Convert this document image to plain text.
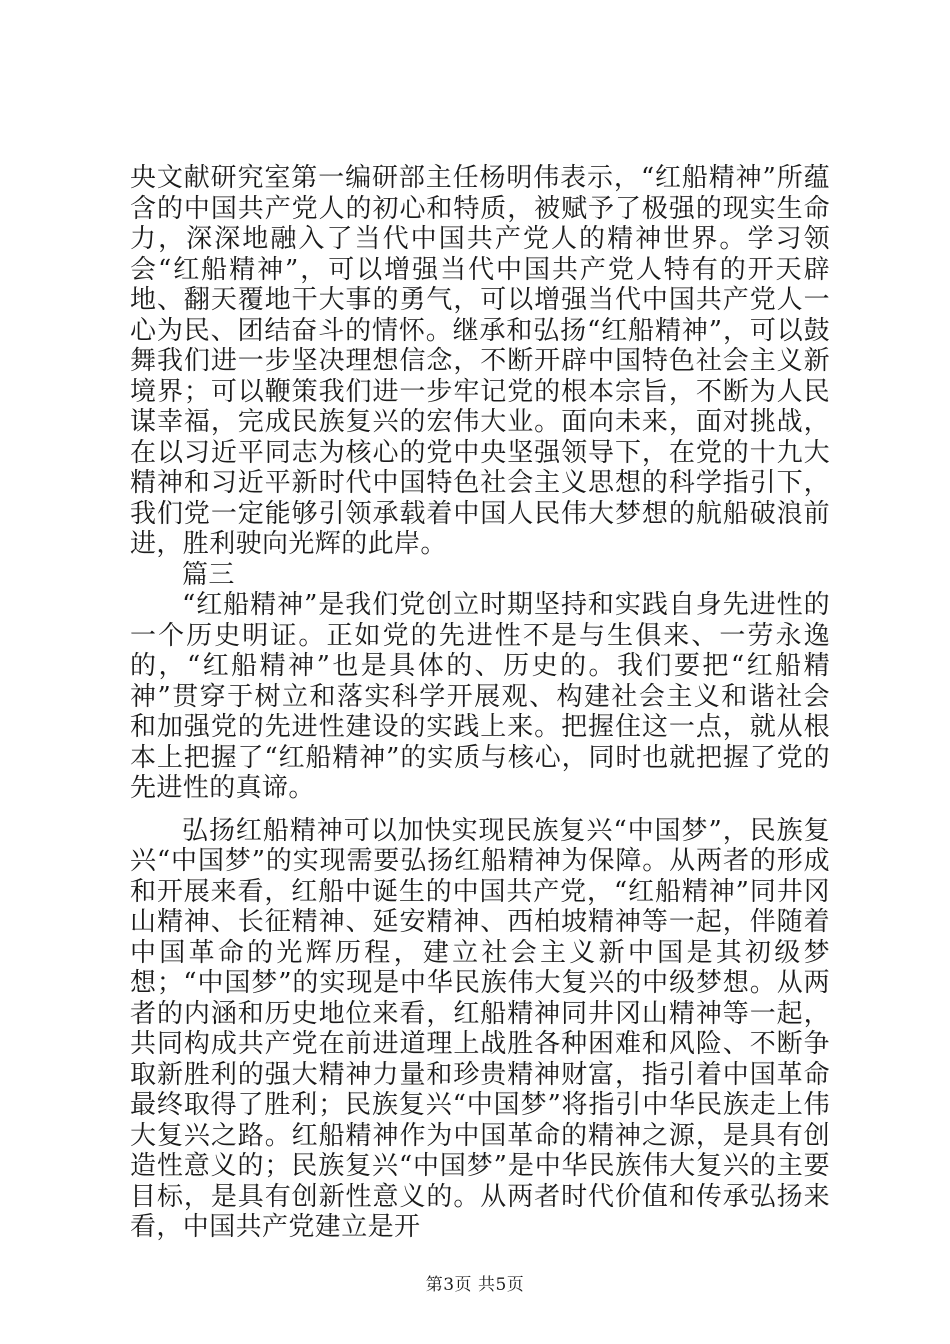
央文献研究室第一编研部主任杨明伟表示，“红船精神”所蕴含的中国共产党人的初心和特质，被赋予了极强的现实生命力，深深地融入了当代中国共产党人的精神世界。学习领会“红船精神”，可以增强当代中国共产党人特有的开天辟地、翻天覆地干大事的勇气，可以增强当代中国共产党人一心为民、团结奋斗的情怀。继承和弘扬“红船精神”，可以鼓舞我们进一步坚决理想信念，不断开辟中国特色社会主义新境界；可以鞭策我们进一步牢记党的根本宗旨，不断为人民谋幸福，完成民族复兴的宏伟大业。面向未来，面对挑战，在以习近平同志为核心的党中央坚强领导下，在党的十九大精神和习近平新时代中国特色社会主义思想的科学指引下，我们党一定能够引领承载着中国人民伟大梦想的航船破浪前进，胜利驶向光辉的此岸。

篇三

“红船精神”是我们党创立时期坚持和实践自身先进性的一个历史明证。正如党的先进性不是与生俱来、一劳永逸的，“红船精神”也是具体的、历史的。我们要把“红船精神”贯穿于树立和落实科学开展观、构建社会主义和谐社会和加强党的先进性建设的实践上来。把握住这一点，就从根本上把握了“红船精神”的实质与核心，同时也就把握了党的先进性的真谛。

弘扬红船精神可以加快实现民族复兴“中国梦”，民族复兴“中国梦”的实现需要弘扬红船精神为保障。从两者的形成和开展来看，红船中诞生的中国共产党，“红船精神”同井冈山精神、长征精神、延安精神、西柏坡精神等一起，伴随着中国革命的光辉历程，建立社会主义新中国是其初级梦想；“中国梦”的实现是中华民族伟大复兴的中级梦想。从两者的内涵和历史地位来看，红船精神同井冈山精神等一起，共同构成共产党在前进道理上战胜各种困难和风险、不断争取新胜利的强大精神力量和珍贵精神财富，指引着中国革命最终取得了胜利；民族复兴“中国梦”将指引中华民族走上伟大复兴之路。红船精神作为中国革命的精神之源，是具有创造性意义的；民族复兴“中国梦”是中华民族伟大复兴的主要目标，是具有创新性意义的。从两者时代价值和传承弘扬来看，中国共产党建立是开

第3页 共5页
